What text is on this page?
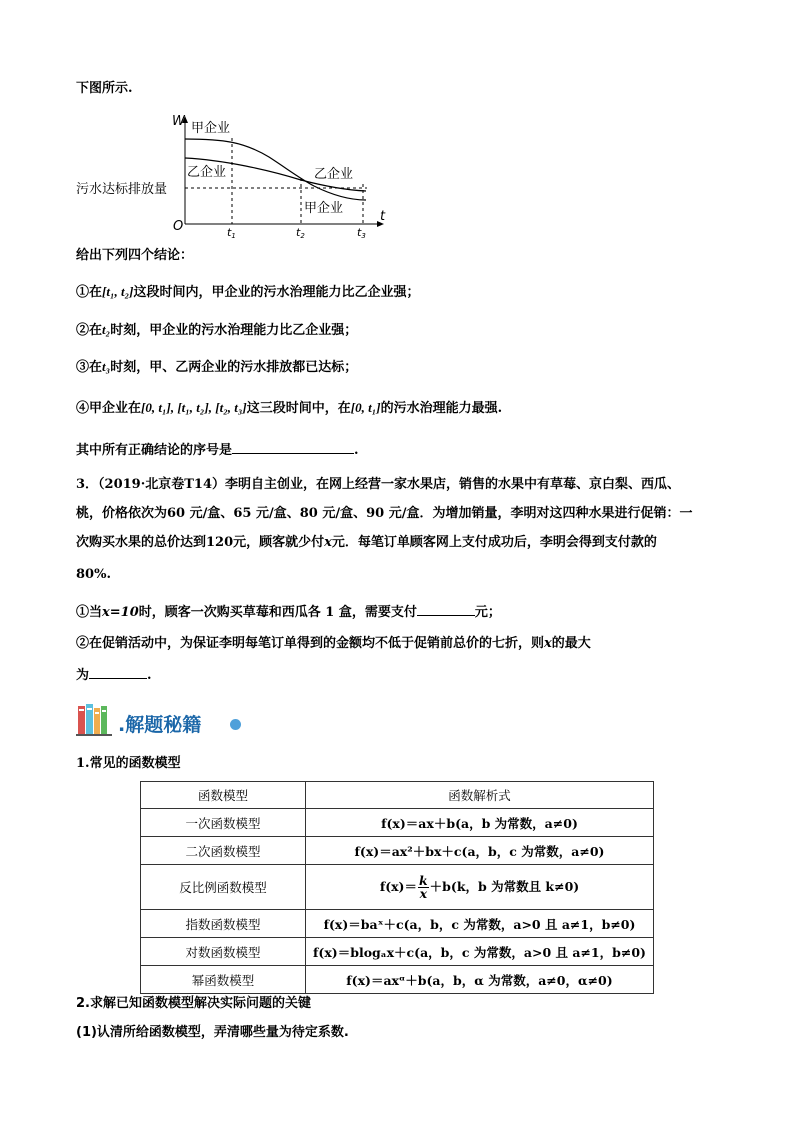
下图所示.
W
O
t
甲企业
乙企业	乙企业
甲企业
污水达标排放量
t1	t2	t3
给出下列四个结论：
①在[t₁, t₂]这段时间内，甲企业的污水治理能力比乙企业强；
②在t₂时刻，甲企业的污水治理能力比乙企业强；
③在t₃时刻，甲、乙两企业的污水排放都已达标；
④甲企业在[0, t₁], [t₁, t₂], [t₂, t₃]这三段时间中，在[0, t₁]的污水治理能力最强.
其中所有正确结论的序号是	.
3．（2019·北京卷T14）李明自主创业，在网上经营一家水果店，销售的水果中有草莓、京白梨、西瓜、
桃，价格依次为60 元/盒、65 元/盒、80 元/盒、90 元/盒．为增加销量，李明对这四种水果进行促销：一
次购买水果的总价达到120元，顾客就少付x元．每笔订单顾客网上支付成功后，李明会得到支付款的
80%.
①当x=10时，顾客一次购买草莓和西瓜各 1 盒，需要支付	元；
②在促销活动中，为保证李明每笔订单得到的金额均不低于促销前总价的七折，则x的最大
为	.
.解题秘籍
1.常见的函数模型
函数模型	函数解析式
一次函数模型	f(x)＝ax＋b(a，b 为常数，a≠0)
二次函数模型	f(x)＝ax²＋bx＋c(a，b，c 为常数，a≠0)
反比例函数模型	$f(x)= \frac{k}{x} +b(k$，b 为常数且 k≠0)
指数函数模型	f(x)＝baˣ＋c(a，b，c 为常数，a>0 且 a≠1，b≠0)
对数函数模型	f(x)＝blogₐx＋c(a，b，c 为常数，a>0 且 a≠1，b≠0)
幂函数模型	f(x)＝axᵅ＋b(a，b，α 为常数，a≠0，α≠0)
2.求解已知函数模型解决实际问题的关键
(1)认清所给函数模型，弄清哪些量为待定系数.
